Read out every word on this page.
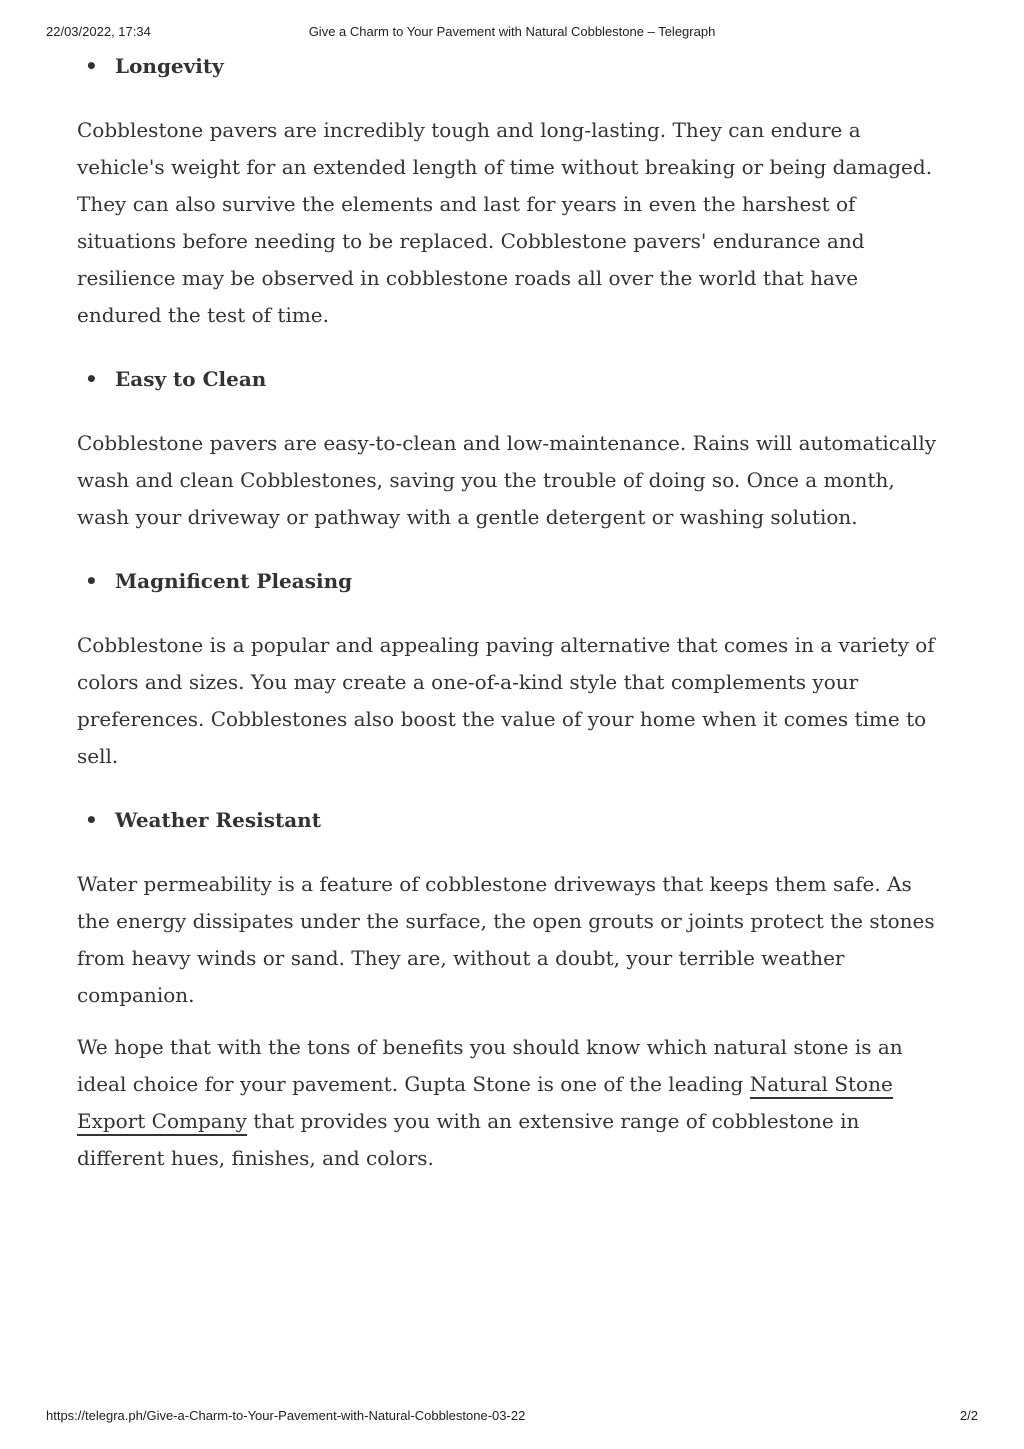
22/03/2022, 17:34	Give a Charm to Your Pavement with Natural Cobblestone – Telegraph
• Longevity

Cobblestone pavers are incredibly tough and long-lasting. They can endure a vehicle's weight for an extended length of time without breaking or being damaged. They can also survive the elements and last for years in even the harshest of situations before needing to be replaced. Cobblestone pavers' endurance and resilience may be observed in cobblestone roads all over the world that have endured the test of time.

• Easy to Clean

Cobblestone pavers are easy-to-clean and low-maintenance. Rains will automatically wash and clean Cobblestones, saving you the trouble of doing so. Once a month, wash your driveway or pathway with a gentle detergent or washing solution.

• Magnificent Pleasing

Cobblestone is a popular and appealing paving alternative that comes in a variety of colors and sizes. You may create a one-of-a-kind style that complements your preferences. Cobblestones also boost the value of your home when it comes time to sell.

• Weather Resistant

Water permeability is a feature of cobblestone driveways that keeps them safe. As the energy dissipates under the surface, the open grouts or joints protect the stones from heavy winds or sand. They are, without a doubt, your terrible weather companion.

We hope that with the tons of benefits you should know which natural stone is an ideal choice for your pavement. Gupta Stone is one of the leading Natural Stone Export Company that provides you with an extensive range of cobblestone in different hues, finishes, and colors.

https://telegra.ph/Give-a-Charm-to-Your-Pavement-with-Natural-Cobblestone-03-22	2/2
